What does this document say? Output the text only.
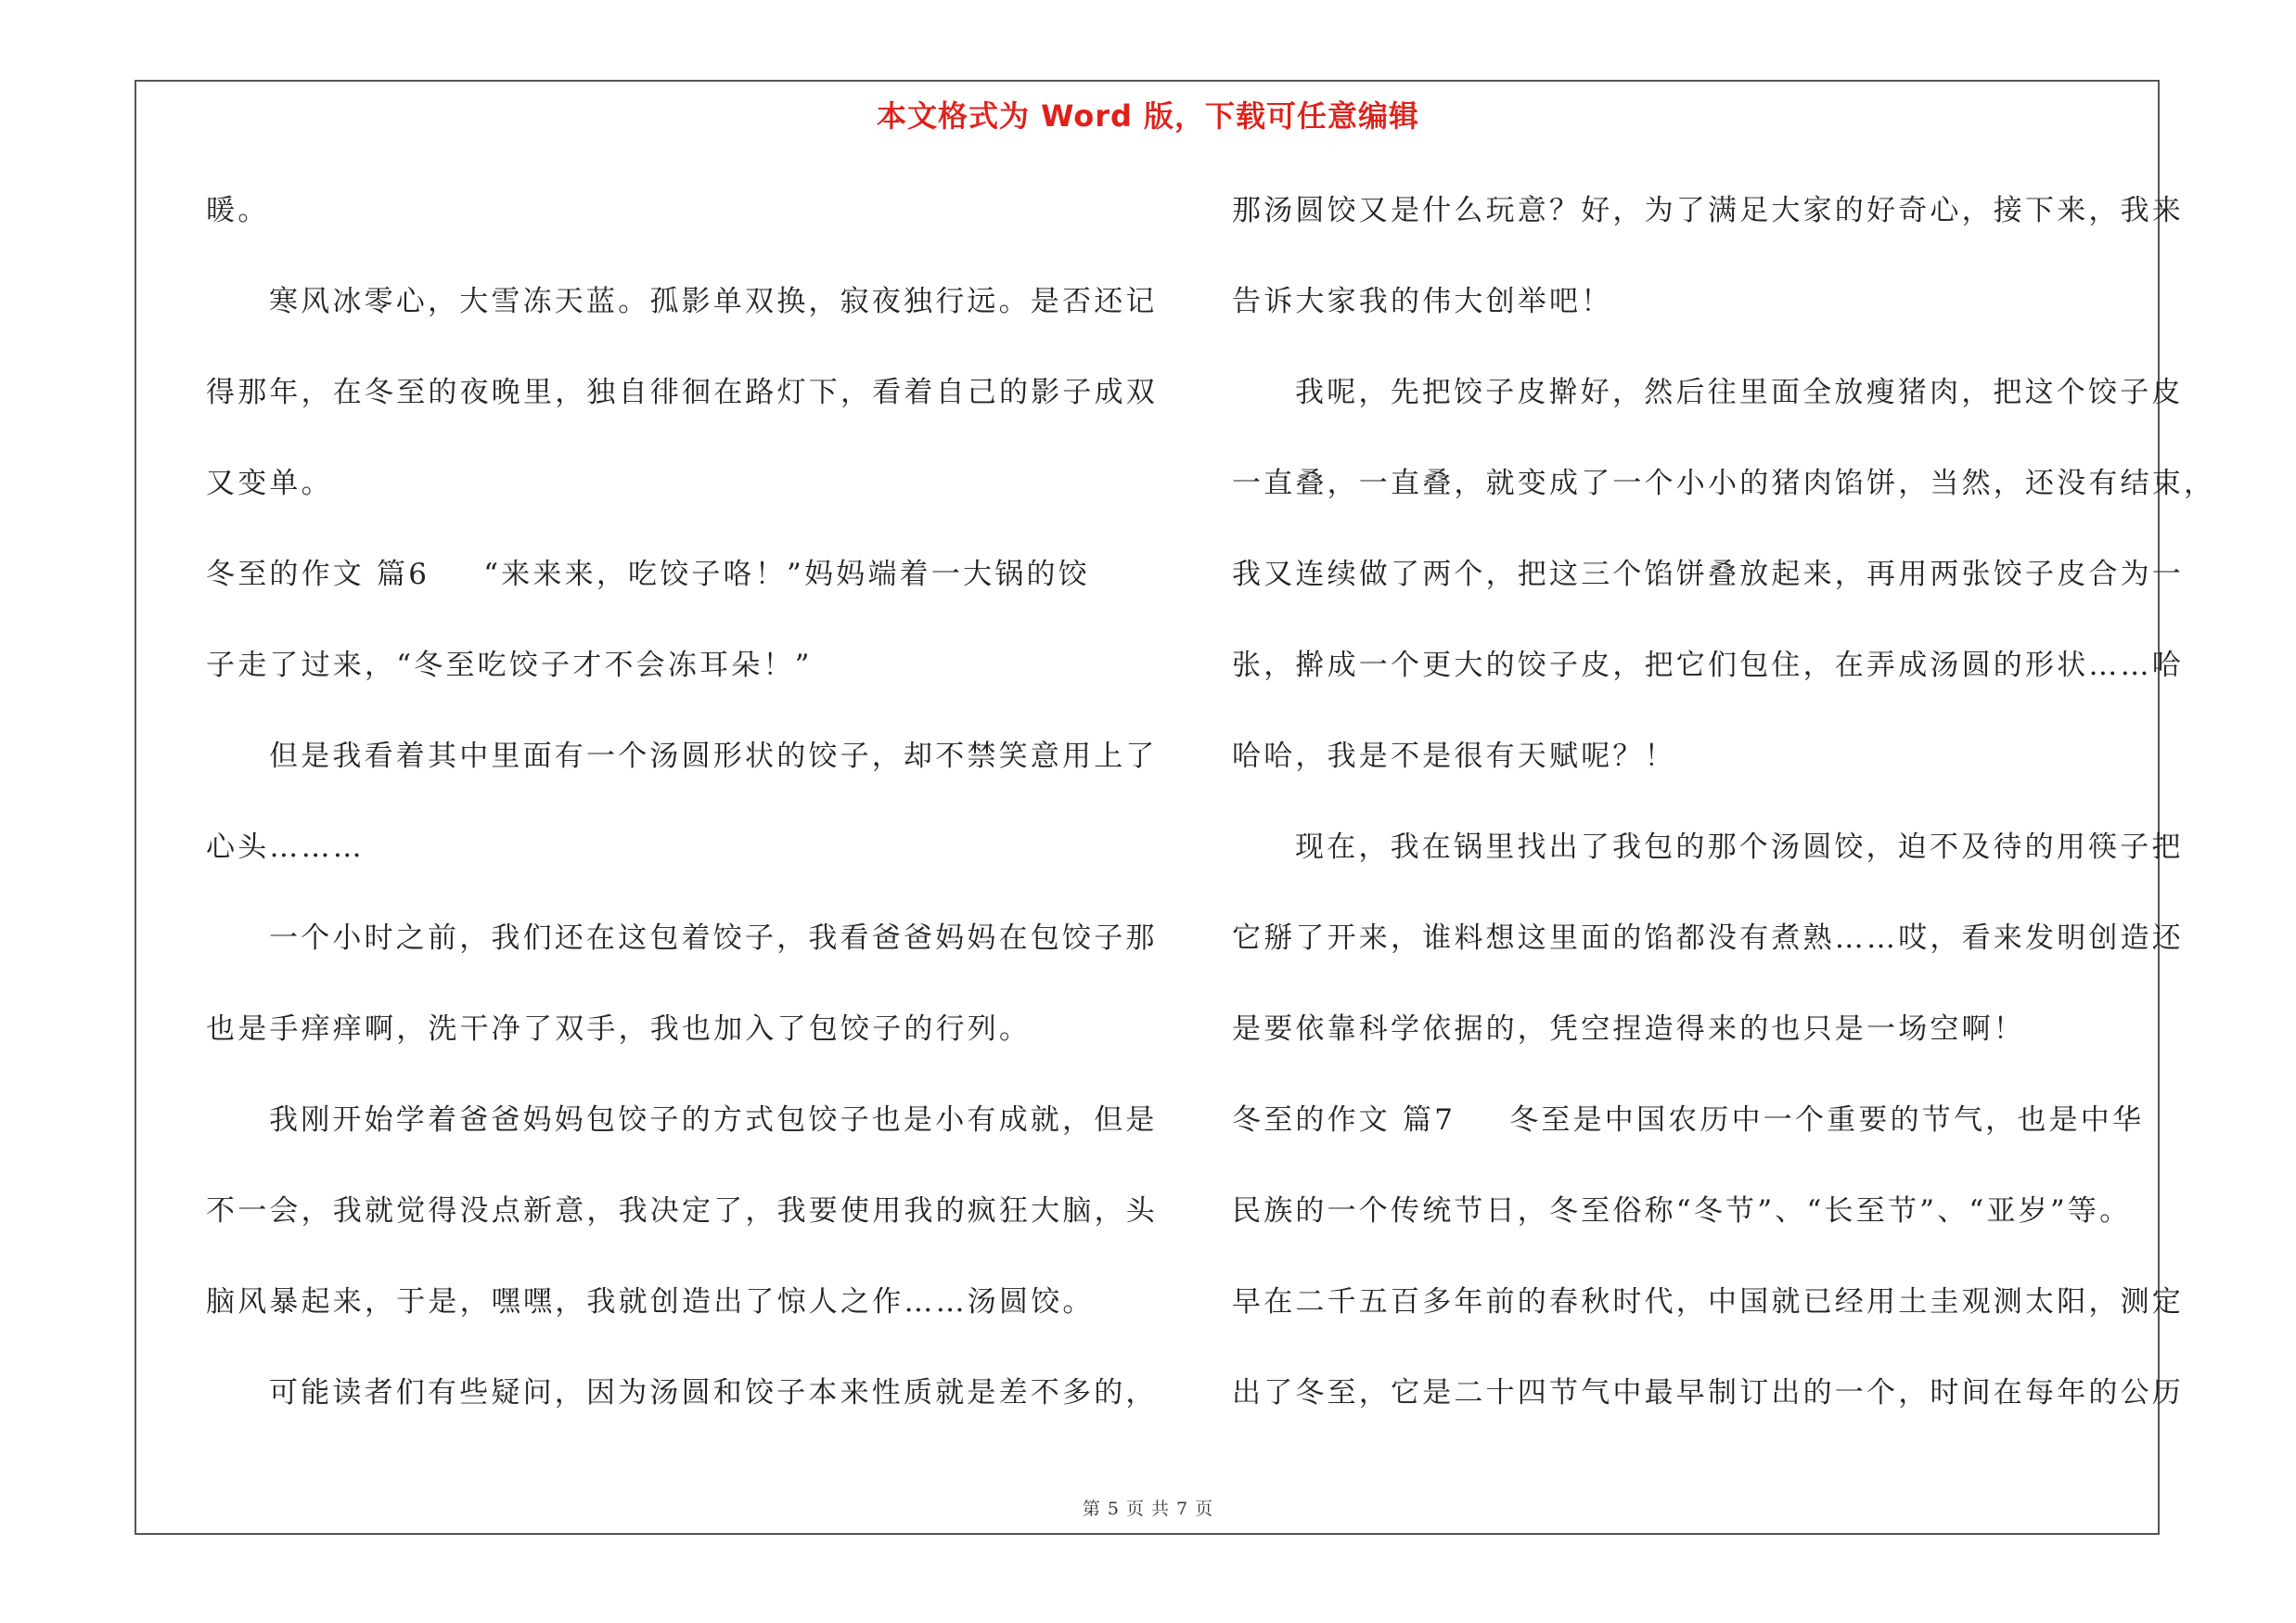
本文格式为 Word 版，下载可任意编辑
暖。
寒风冰零心，大雪冻天蓝。孤影单双换，寂夜独行远。是否还记
得那年，在冬至的夜晚里，独自徘徊在路灯下，看着自己的影子成双
又变单。
冬至的作文 篇6 “来来来，吃饺子咯！”妈妈端着一大锅的饺
子走了过来，“冬至吃饺子才不会冻耳朵！”
但是我看着其中里面有一个汤圆形状的饺子，却不禁笑意用上了
心头………
一个小时之前，我们还在这包着饺子，我看爸爸妈妈在包饺子那
也是手痒痒啊，洗干净了双手，我也加入了包饺子的行列。
我刚开始学着爸爸妈妈包饺子的方式包饺子也是小有成就，但是
不一会，我就觉得没点新意，我决定了，我要使用我的疯狂大脑，头
脑风暴起来，于是，嘿嘿，我就创造出了惊人之作……汤圆饺。
可能读者们有些疑问，因为汤圆和饺子本来性质就是差不多的，
那汤圆饺又是什么玩意？好，为了满足大家的好奇心，接下来，我来
告诉大家我的伟大创举吧！
我呢，先把饺子皮擀好，然后往里面全放瘦猪肉，把这个饺子皮
一直叠，一直叠，就变成了一个小小的猪肉馅饼，当然，还没有结束，
我又连续做了两个，把这三个馅饼叠放起来，再用两张饺子皮合为一
张，擀成一个更大的饺子皮，把它们包住，在弄成汤圆的形状……哈
哈哈，我是不是很有天赋呢？！
现在，我在锅里找出了我包的那个汤圆饺，迫不及待的用筷子把
它掰了开来，谁料想这里面的馅都没有煮熟……哎，看来发明创造还
是要依靠科学依据的，凭空捏造得来的也只是一场空啊！
冬至的作文 篇7 冬至是中国农历中一个重要的节气，也是中华
民族的一个传统节日，冬至俗称“冬节”、“长至节”、“亚岁”等。
早在二千五百多年前的春秋时代，中国就已经用土圭观测太阳，测定
出了冬至，它是二十四节气中最早制订出的一个，时间在每年的公历
第 5 页 共 7 页
